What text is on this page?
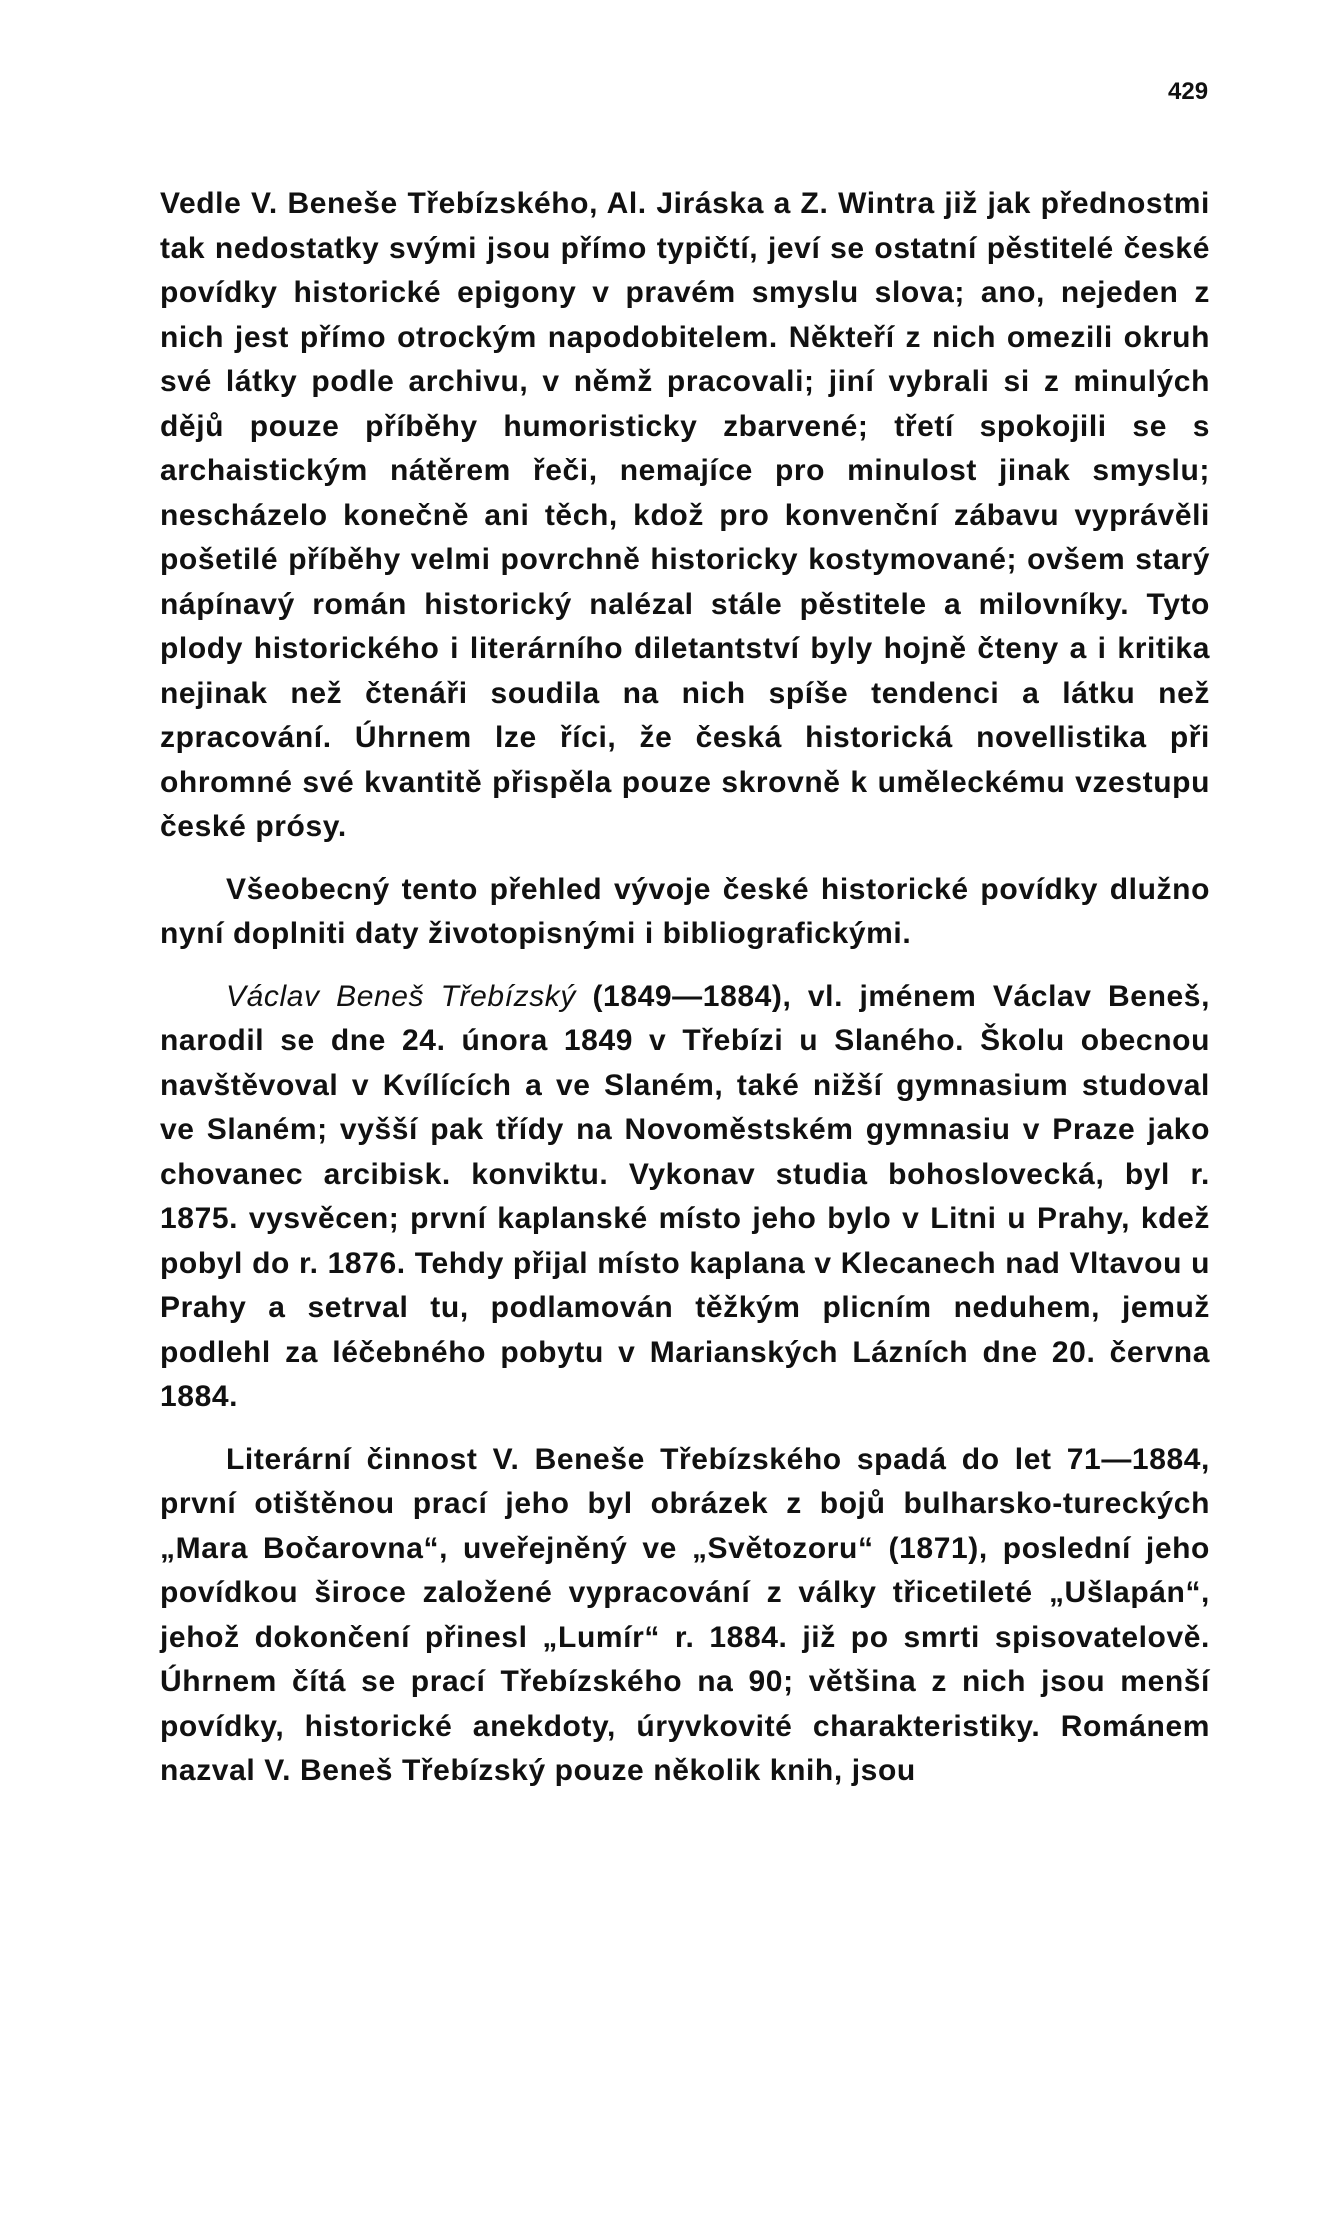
429

Vedle V. Beneše Třebízského, Al. Jiráska a Z. Wintra již jak přednostmi tak nedostatky svými jsou přímo typičtí, jeví se ostatní pěstitelé české povídky historické epigony v pravém smyslu slova; ano, nejeden z nich jest přímo otrockým napodobitelem. Někteří z nich omezili okruh své látky podle archivu, v němž pracovali; jiní vybrali si z minulých dějů pouze příběhy humoristicky zbarvené; třetí spokojili se s archaistickým nátěrem řeči, nemajíce pro minulost jinak smyslu; nescházelo konečně ani těch, kdož pro konvenční zábavu vyprávěli pošetilé příběhy velmi povrchně historicky kostymované; ovšem starý nápínavý román historický nalézal stále pěstitele a milovníky. Tyto plody historického i literárního diletantství byly hojně čteny a i kritika nejinak než čtenáři soudila na nich spíše tendenci a látku než zpracování. Úhrnem lze říci, že česká historická novellistika při ohromné své kvantitě přispěla pouze skrovně k uměleckému vzestupu české prósy.

Všeobecný tento přehled vývoje české historické povídky dlužno nyní doplniti daty životopisnými i bibliografickými.

Václav Beneš Třebízský (1849—1884), vl. jménem Václav Beneš, narodil se dne 24. února 1849 v Třebízi u Slaného. Školu obecnou navštěvoval v Kvílících a ve Slaném, také nižší gymnasium studoval ve Slaném; vyšší pak třídy na Novoměstském gymnasiu v Praze jako chovanec arcibisk. konviktu. Vykonav studia bohoslovecká, byl r. 1875. vysvěcen; první kaplanské místo jeho bylo v Litni u Prahy, kdež pobyl do r. 1876. Tehdy přijal místo kaplana v Klecanech nad Vltavou u Prahy a setrval tu, podlamován těžkým plicním neduhem, jemuž podlehl za léčebného pobytu v Marianských Lázních dne 20. června 1884.

Literární činnost V. Beneše Třebízského spadá do let 71—1884, první otištěnou prací jeho byl obrázek z bojů bulharsko-tureckých „Mara Bočarovna“, uveřejněný ve „Světozoru“ (1871), poslední jeho povídkou široce založené vypracování z války třicetileté „Ušlapán“, jehož dokončení přinesl „Lumír“ r. 1884. již po smrti spisovatelově. Úhrnem čítá se prací Třebízského na 90; většina z nich jsou menší povídky, historické anekdoty, úryvkovité charakteristiky. Románem nazval V. Beneš Třebízský pouze několik knih, jsou
